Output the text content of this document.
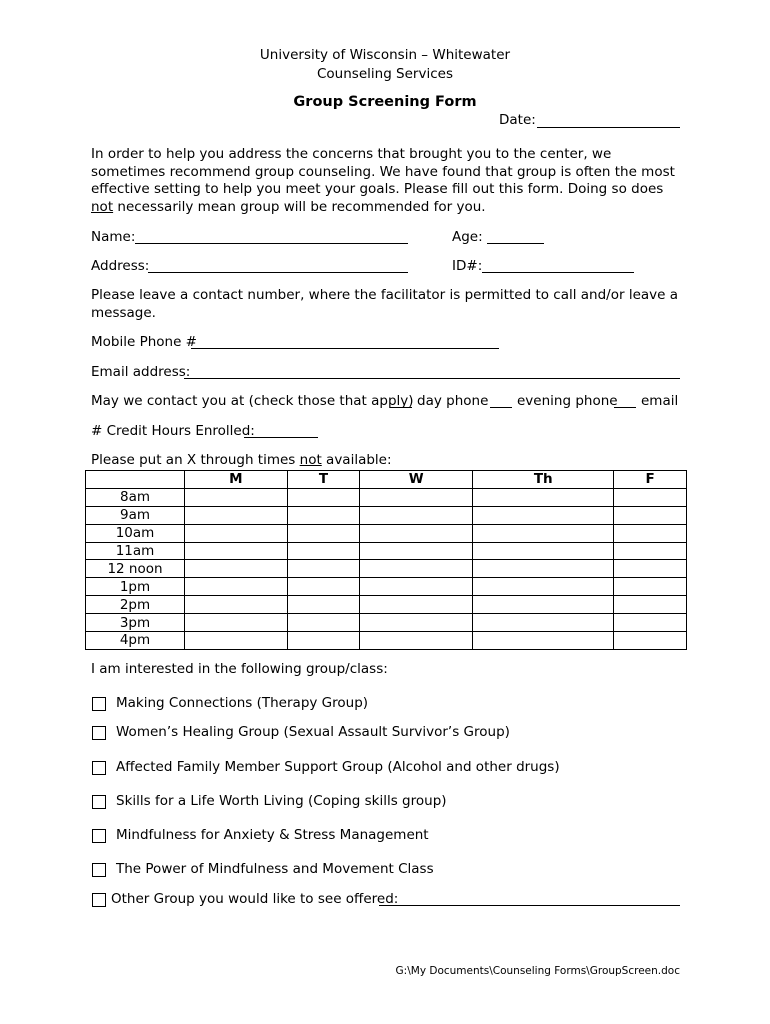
University of Wisconsin – Whitewater
Counseling Services
Group Screening Form
Date:
In order to help you address the concerns that brought you to the center, we sometimes recommend group counseling. We have found that group is often the most effective setting to help you meet your goals. Please fill out this form. Doing so does not necessarily mean group will be recommended for you.
Name:	Age:
Address:	ID#:
Please leave a contact number, where the facilitator is permitted to call and/or leave a message.
Mobile Phone #
Email address:
May we contact you at (check those that apply) day phone evening phone email
# Credit Hours Enrolled:
Please put an X through times not available:
	M	T	W	Th	F
8am					
9am					
10am					
11am					
12 noon					
1pm					
2pm					
3pm					
4pm					
I am interested in the following group/class:
Making Connections (Therapy Group)
Women’s Healing Group (Sexual Assault Survivor’s Group)
Affected Family Member Support Group (Alcohol and other drugs)
Skills for a Life Worth Living (Coping skills group)
Mindfulness for Anxiety & Stress Management
The Power of Mindfulness and Movement Class
Other Group you would like to see offered:
G:\My Documents\Counseling Forms\GroupScreen.doc
